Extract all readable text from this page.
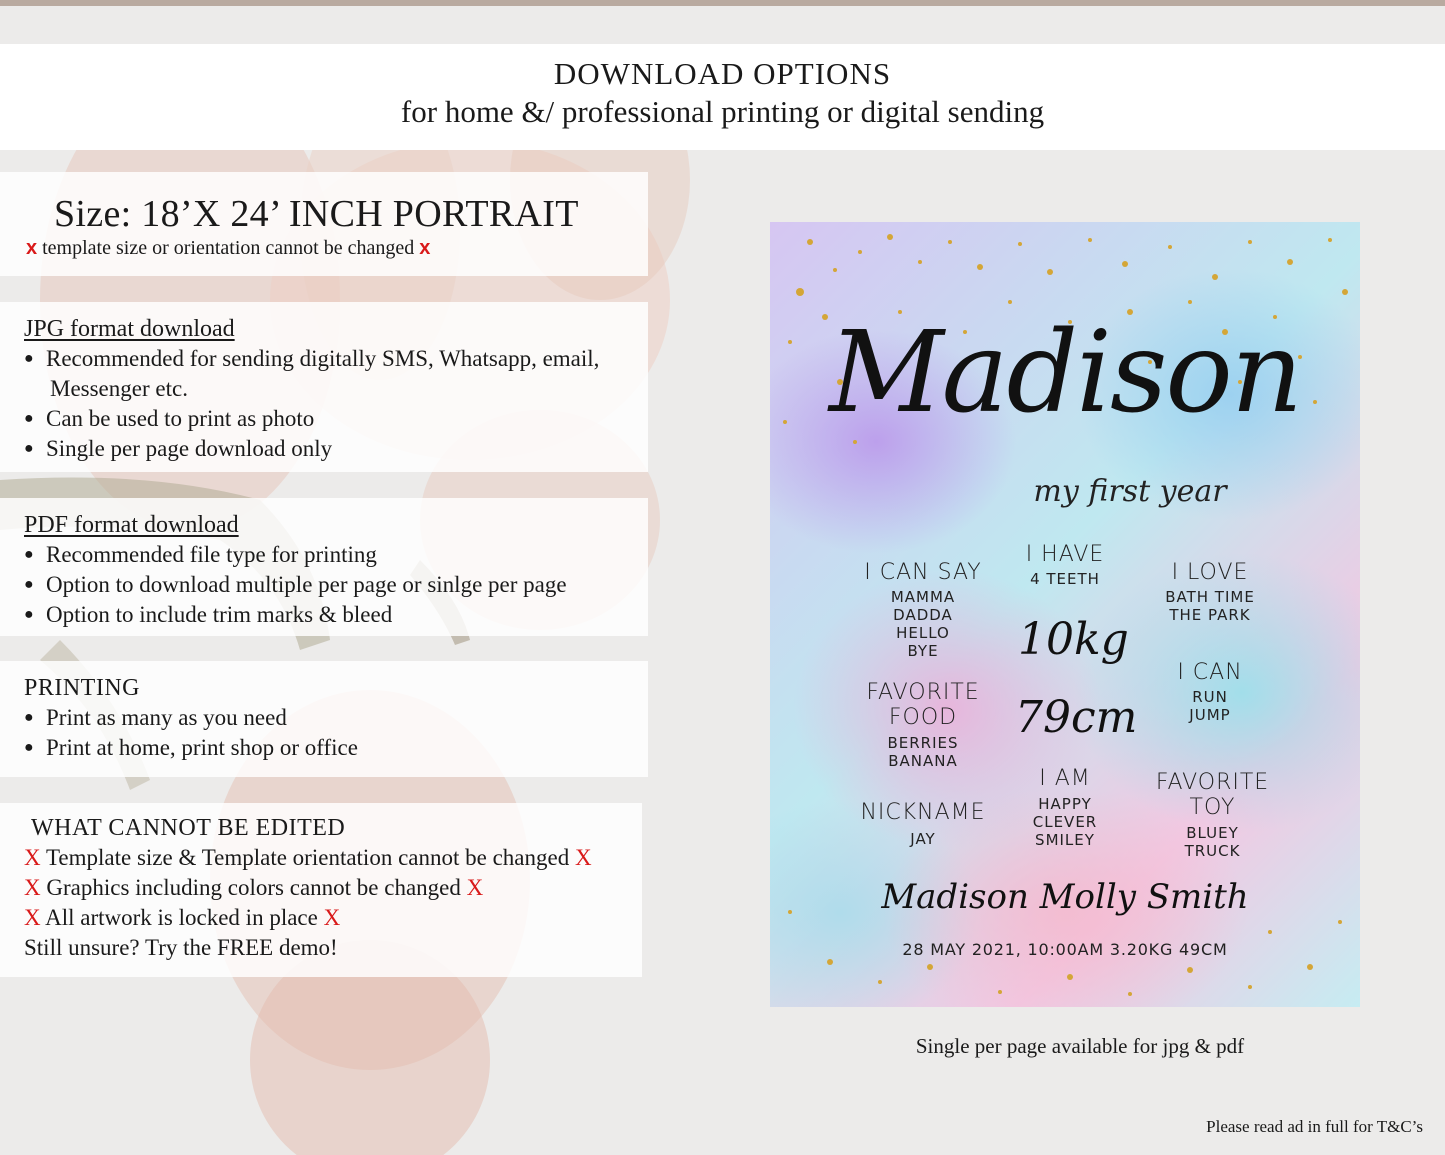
DOWNLOAD OPTIONS
for home &/ professional printing or digital sending
Size: 18’X 24’ INCH PORTRAIT
x template size or orientation cannot be changed x
JPG format download
● Recommended for sending digitally SMS, Whatsapp, email,
Messenger etc.
● Can be used to print as photo
● Single per page download only
PDF format download
● Recommended file type for printing
● Option to download multiple per page or sinlge per page
● Option to include trim marks & bleed
PRINTING
● Print as many as you need
● Print at home, print shop or office
WHAT CANNOT BE EDITED
X Template size & Template orientation cannot be changed X
X Graphics including colors cannot be changed X
X All artwork is locked in place X
Still unsure? Try the FREE demo!
Madison
my first year
I CAN SAY
MAMMA
DADDA
HELLO
BYE
I HAVE
4 TEETH	I LOVE
BATH TIME
THE PARK
10kg
79cm
I CAN
RUN
JUMP
FAVORITE
FOOD
BERRIES
BANANA
I AM
HAPPY
CLEVER
SMILEY
FAVORITE
TOY
BLUEY
TRUCK
NICKNAME
JAY
Madison Molly Smith
28 MAY 2021, 10:00AM 3.20KG 49CM
Single per page available for jpg & pdf
Please read ad in full for T&C’s
